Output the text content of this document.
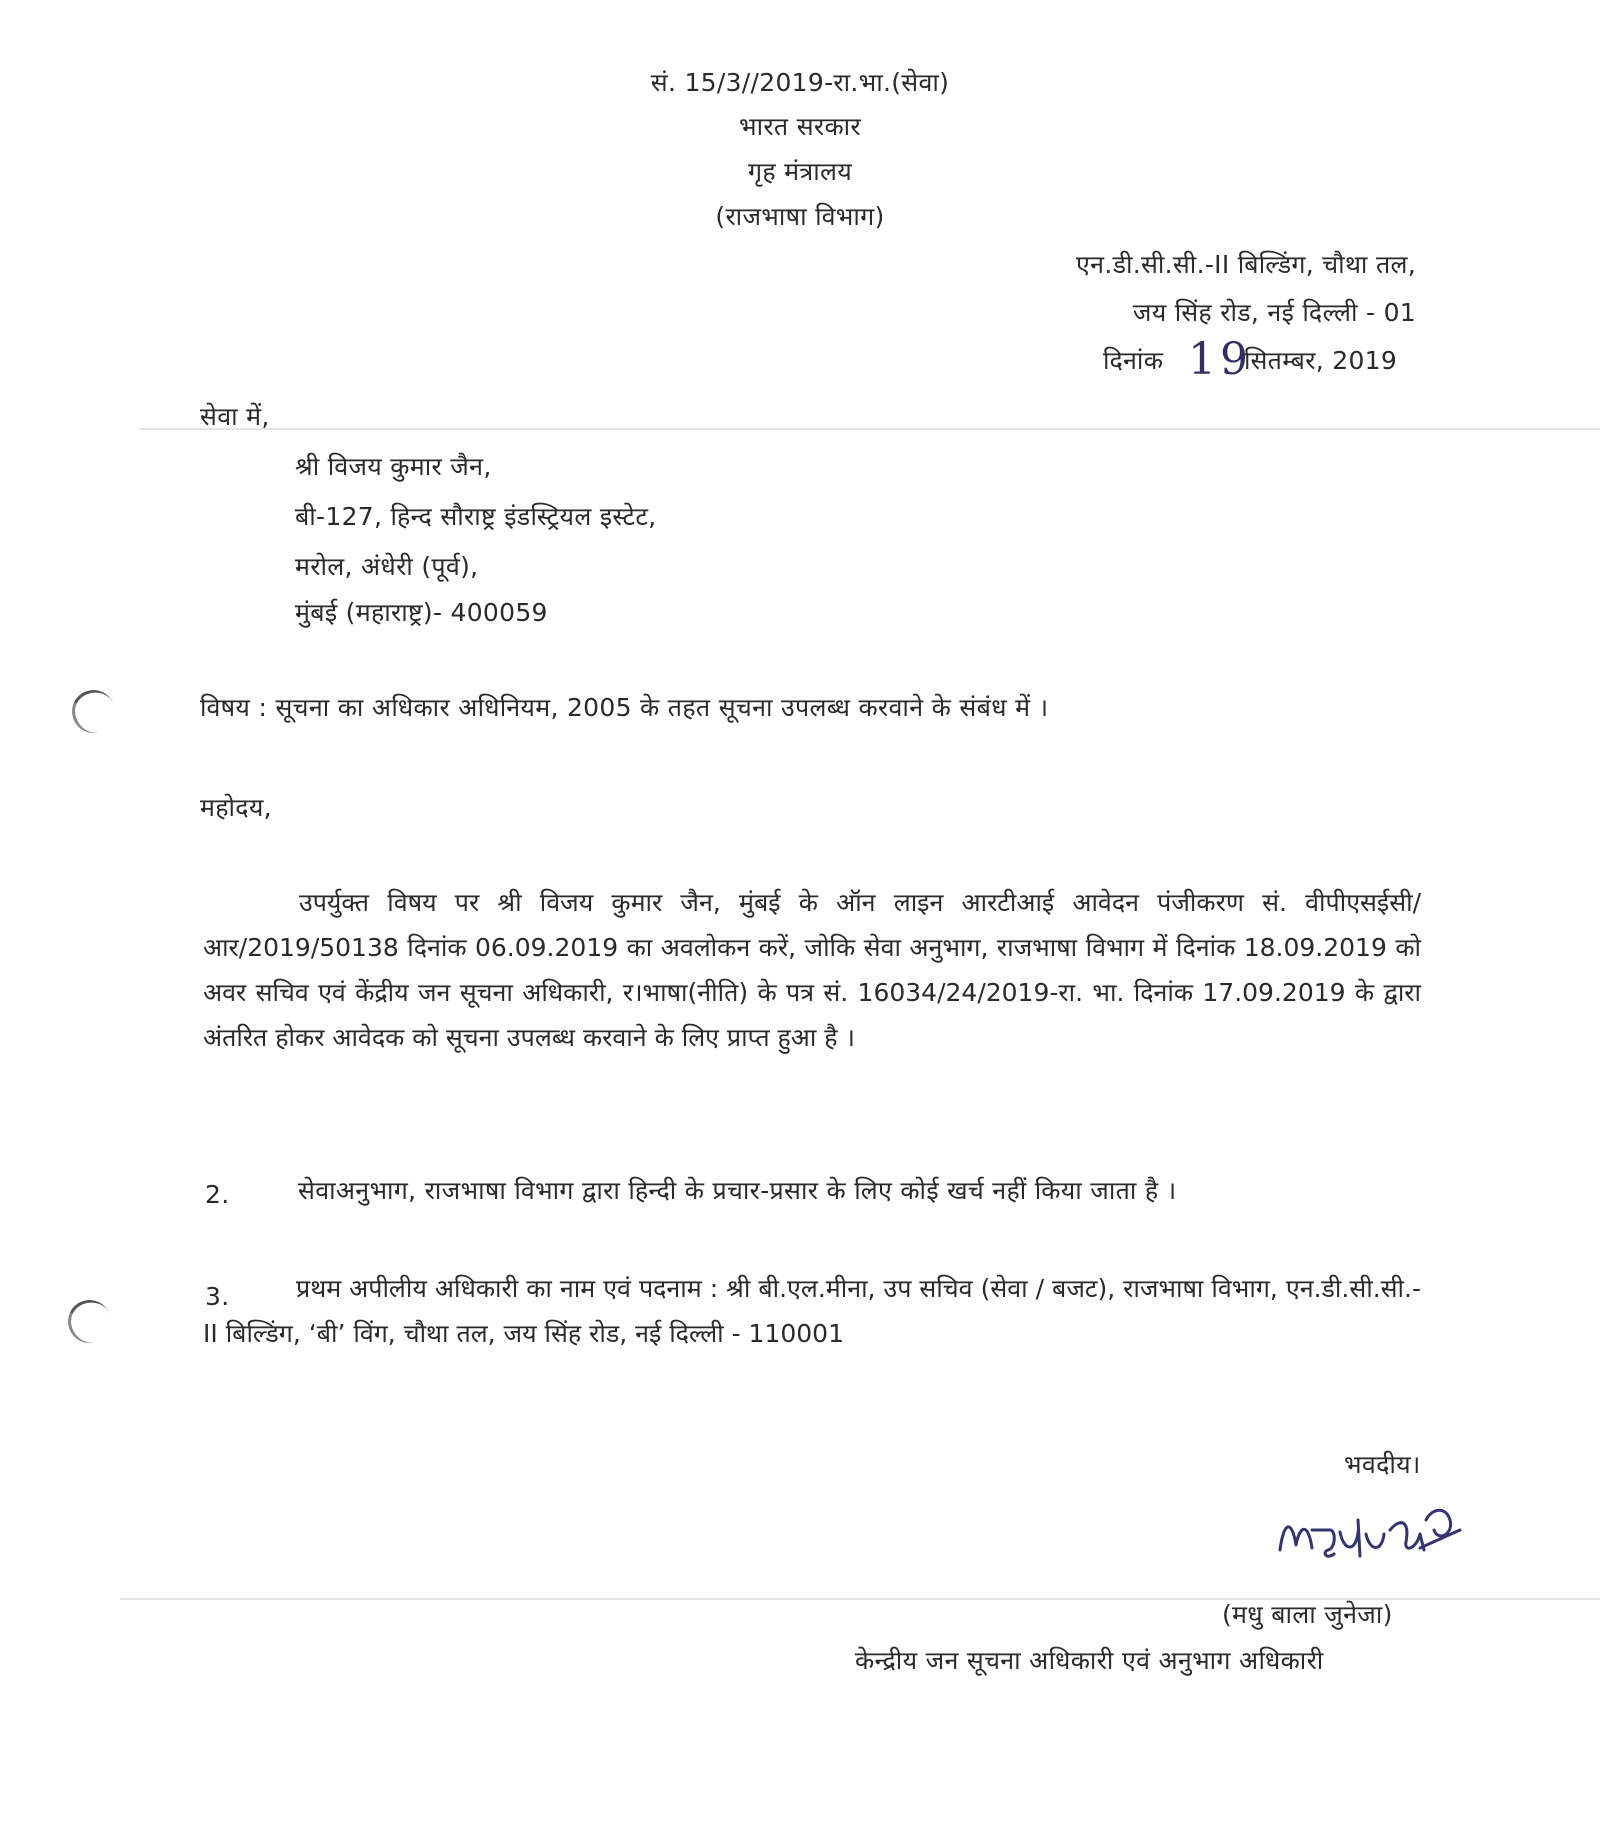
सं. 15/3//2019-रा.भा.(सेवा)
भारत सरकार
गृह मंत्रालय
(राजभाषा विभाग)
एन.डी.सी.सी.-II बिल्डिंग, चौथा तल,
जय सिंह रोड, नई दिल्ली - 01
दिनांक 19
सितम्बर, 2019
सेवा में,
श्री विजय कुमार जैन,
बी-127, हिन्द सौराष्ट्र इंडस्ट्रियल इस्टेट,
मरोल, अंधेरी (पूर्व),
मुंबई (महाराष्ट्र)- 400059
विषय : सूचना का अधिकार अधिनियम, 2005 के तहत सूचना उपलब्ध करवाने के संबंध में ।
महोदय,
उपर्युक्त विषय पर श्री विजय कुमार जैन, मुंबई के ऑन लाइन आरटीआई आवेदन पंजीकरण सं. वीपीएसईसी/आर/2019/50138 दिनांक 06.09.2019 का अवलोकन करें, जोकि सेवा अनुभाग, राजभाषा विभाग में दिनांक 18.09.2019 को अवर सचिव एवं केंद्रीय जन सूचना अधिकारी, र।भाषा(नीति) के पत्र सं. 16034/24/2019-रा. भा. दिनांक 17.09.2019 के द्वारा अंतरित होकर आवेदक को सूचना उपलब्ध करवाने के लिए प्राप्त हुआ है ।
2.	सेवाअनुभाग, राजभाषा विभाग द्वारा हिन्दी के प्रचार-प्रसार के लिए कोई खर्च नहीं किया जाता है ।
3.	प्रथम अपीलीय अधिकारी का नाम एवं पदनाम : श्री बी.एल.मीना, उप सचिव (सेवा / बजट), राजभाषा विभाग, एन.डी.सी.सी.-II बिल्डिंग, ‘बी’ विंग, चौथा तल, जय सिंह रोड, नई दिल्ली - 110001
भवदीय।
(मधु बाला जुनेजा)
केन्द्रीय जन सूचना अधिकारी एवं अनुभाग अधिकारी
